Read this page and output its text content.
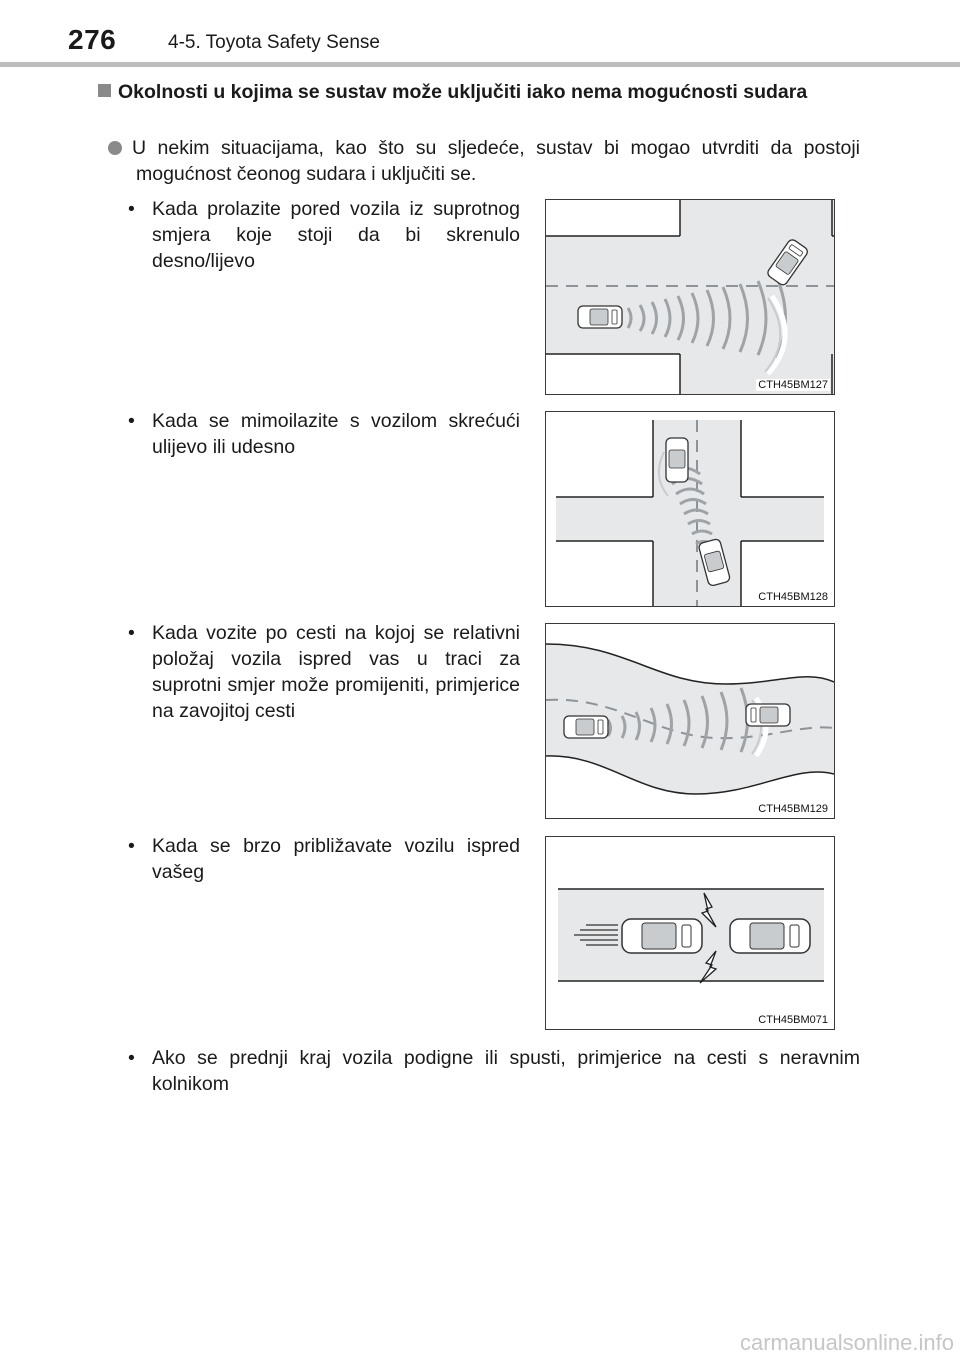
276	4-5. Toyota Safety Sense
Okolnosti u kojima se sustav može uključiti iako nema mogućnosti sudara
U nekim situacijama, kao što su sljedeće, sustav bi mogao utvrditi da postoji mogućnost čeonog sudara i uključiti se.
• Kada prolazite pored vozila iz suprotnog smjera koje stoji da bi skrenulo desno/lijevo
CTH45BM127
• Kada se mimoilazite s vozilom skrećući ulijevo ili udesno
CTH45BM128
• Kada vozite po cesti na kojoj se relativni položaj vozila ispred vas u traci za suprotni smjer može promijeniti, primjerice na zavojitoj cesti
CTH45BM129
• Kada se brzo približavate vozilu ispred vašeg
CTH45BM071
• Ako se prednji kraj vozila podigne ili spusti, primjerice na cesti s neravnim kolnikom
carmanualsonline.info
